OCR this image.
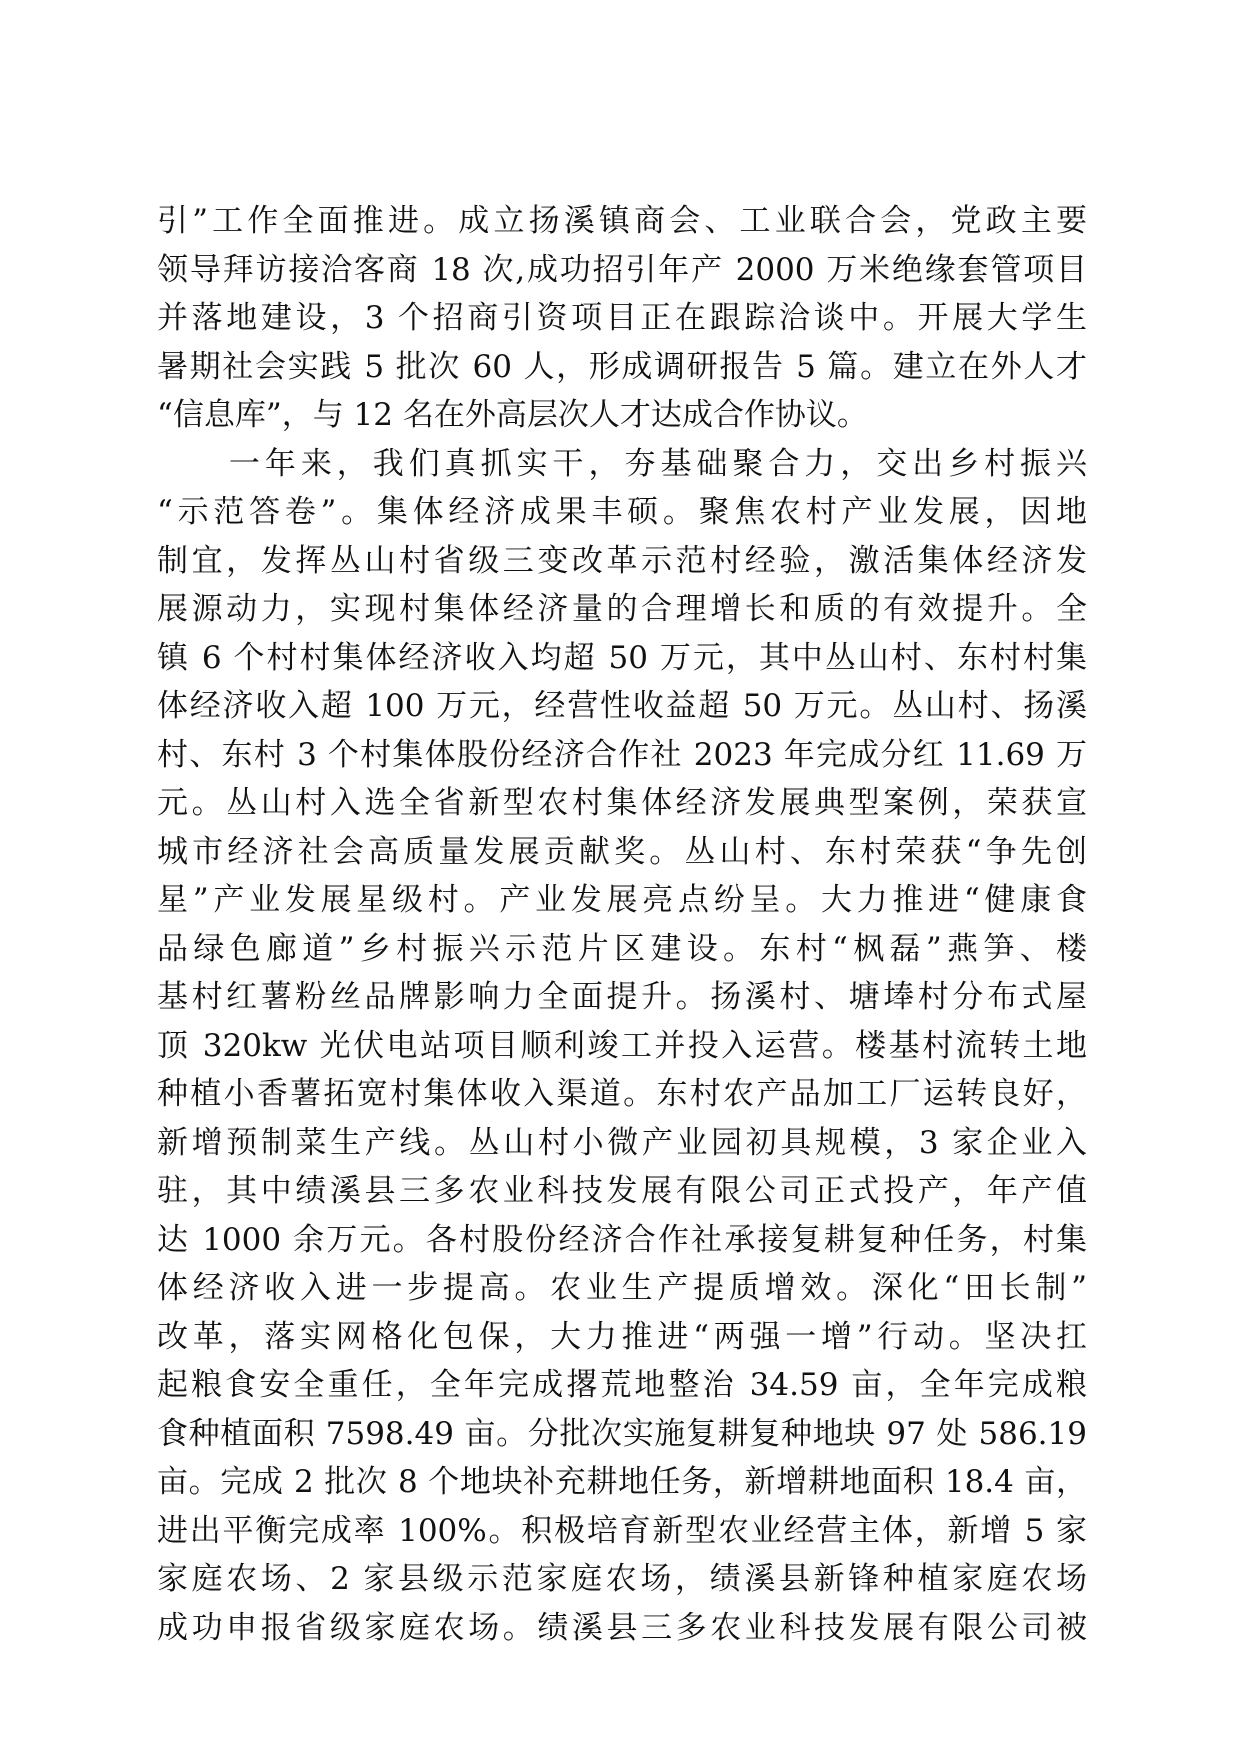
引”工作全面推进。成立扬溪镇商会、工业联合会，党政主要
领导拜访接洽客商 18 次,成功招引年产 2000 万米绝缘套管项目
并落地建设，3 个招商引资项目正在跟踪洽谈中。开展大学生
暑期社会实践 5 批次 60 人，形成调研报告 5 篇。建立在外人才
“信息库”，与 12 名在外高层次人才达成合作协议。
　　一年来，我们真抓实干，夯基础聚合力，交出乡村振兴
“示范答卷”。集体经济成果丰硕。聚焦农村产业发展，因地
制宜，发挥丛山村省级三变改革示范村经验，激活集体经济发
展源动力，实现村集体经济量的合理增长和质的有效提升。全
镇 6 个村村集体经济收入均超 50 万元，其中丛山村、东村村集
体经济收入超 100 万元，经营性收益超 50 万元。丛山村、扬溪
村、东村 3 个村集体股份经济合作社 2023 年完成分红 11.69 万
元。丛山村入选全省新型农村集体经济发展典型案例，荣获宣
城市经济社会高质量发展贡献奖。丛山村、东村荣获“争先创
星”产业发展星级村。产业发展亮点纷呈。大力推进“健康食
品绿色廊道”乡村振兴示范片区建设。东村“枫磊”燕笋、楼
基村红薯粉丝品牌影响力全面提升。扬溪村、塘埲村分布式屋
顶 320kw 光伏电站项目顺利竣工并投入运营。楼基村流转土地
种植小香薯拓宽村集体收入渠道。东村农产品加工厂运转良好，
新增预制菜生产线。丛山村小微产业园初具规模，3 家企业入
驻，其中绩溪县三多农业科技发展有限公司正式投产，年产值
达 1000 余万元。各村股份经济合作社承接复耕复种任务，村集
体经济收入进一步提高。农业生产提质增效。深化“田长制”
改革，落实网格化包保，大力推进“两强一增”行动。坚决扛
起粮食安全重任，全年完成撂荒地整治 34.59 亩，全年完成粮
食种植面积 7598.49 亩。分批次实施复耕复种地块 97 处 586.19
亩。完成 2 批次 8 个地块补充耕地任务，新增耕地面积 18.4 亩，
进出平衡完成率 100%。积极培育新型农业经营主体，新增 5 家
家庭农场、2 家县级示范家庭农场，绩溪县新锋种植家庭农场
成功申报省级家庭农场。绩溪县三多农业科技发展有限公司被
